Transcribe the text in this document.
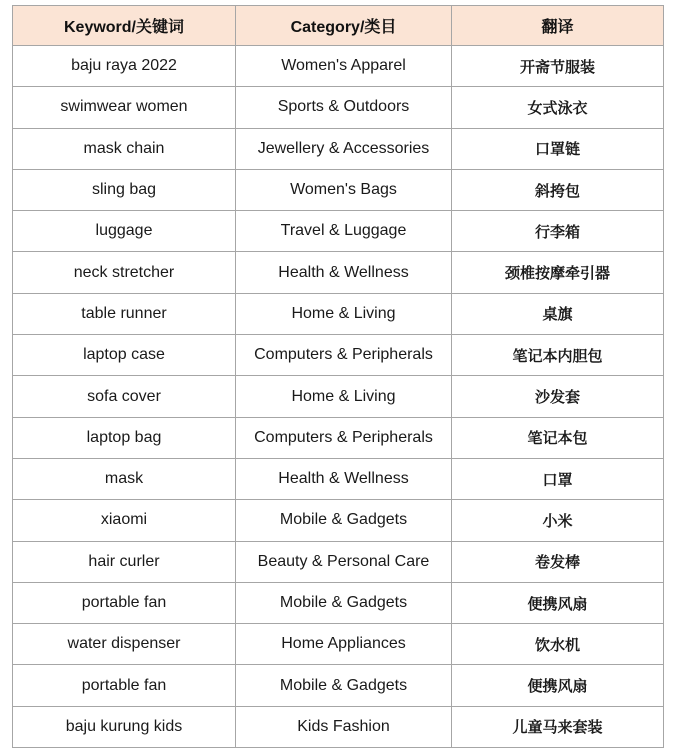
Keyword/关键词	Category/类目	翻译
baju raya 2022	Women's Apparel	开斋节服装
swimwear women	Sports & Outdoors	女式泳衣
mask chain	Jewellery & Accessories	口罩链
sling bag	Women's Bags	斜挎包
luggage	Travel & Luggage	行李箱
neck stretcher	Health & Wellness	颈椎按摩牵引器
table runner	Home & Living	桌旗
laptop case	Computers & Peripherals	笔记本内胆包
sofa cover	Home & Living	沙发套
laptop bag	Computers & Peripherals	笔记本包
mask	Health & Wellness	口罩
xiaomi	Mobile & Gadgets	小米
hair curler	Beauty & Personal Care	卷发棒
portable fan	Mobile & Gadgets	便携风扇
water dispenser	Home Appliances	饮水机
portable fan	Mobile & Gadgets	便携风扇
baju kurung kids	Kids Fashion	儿童马来套装
